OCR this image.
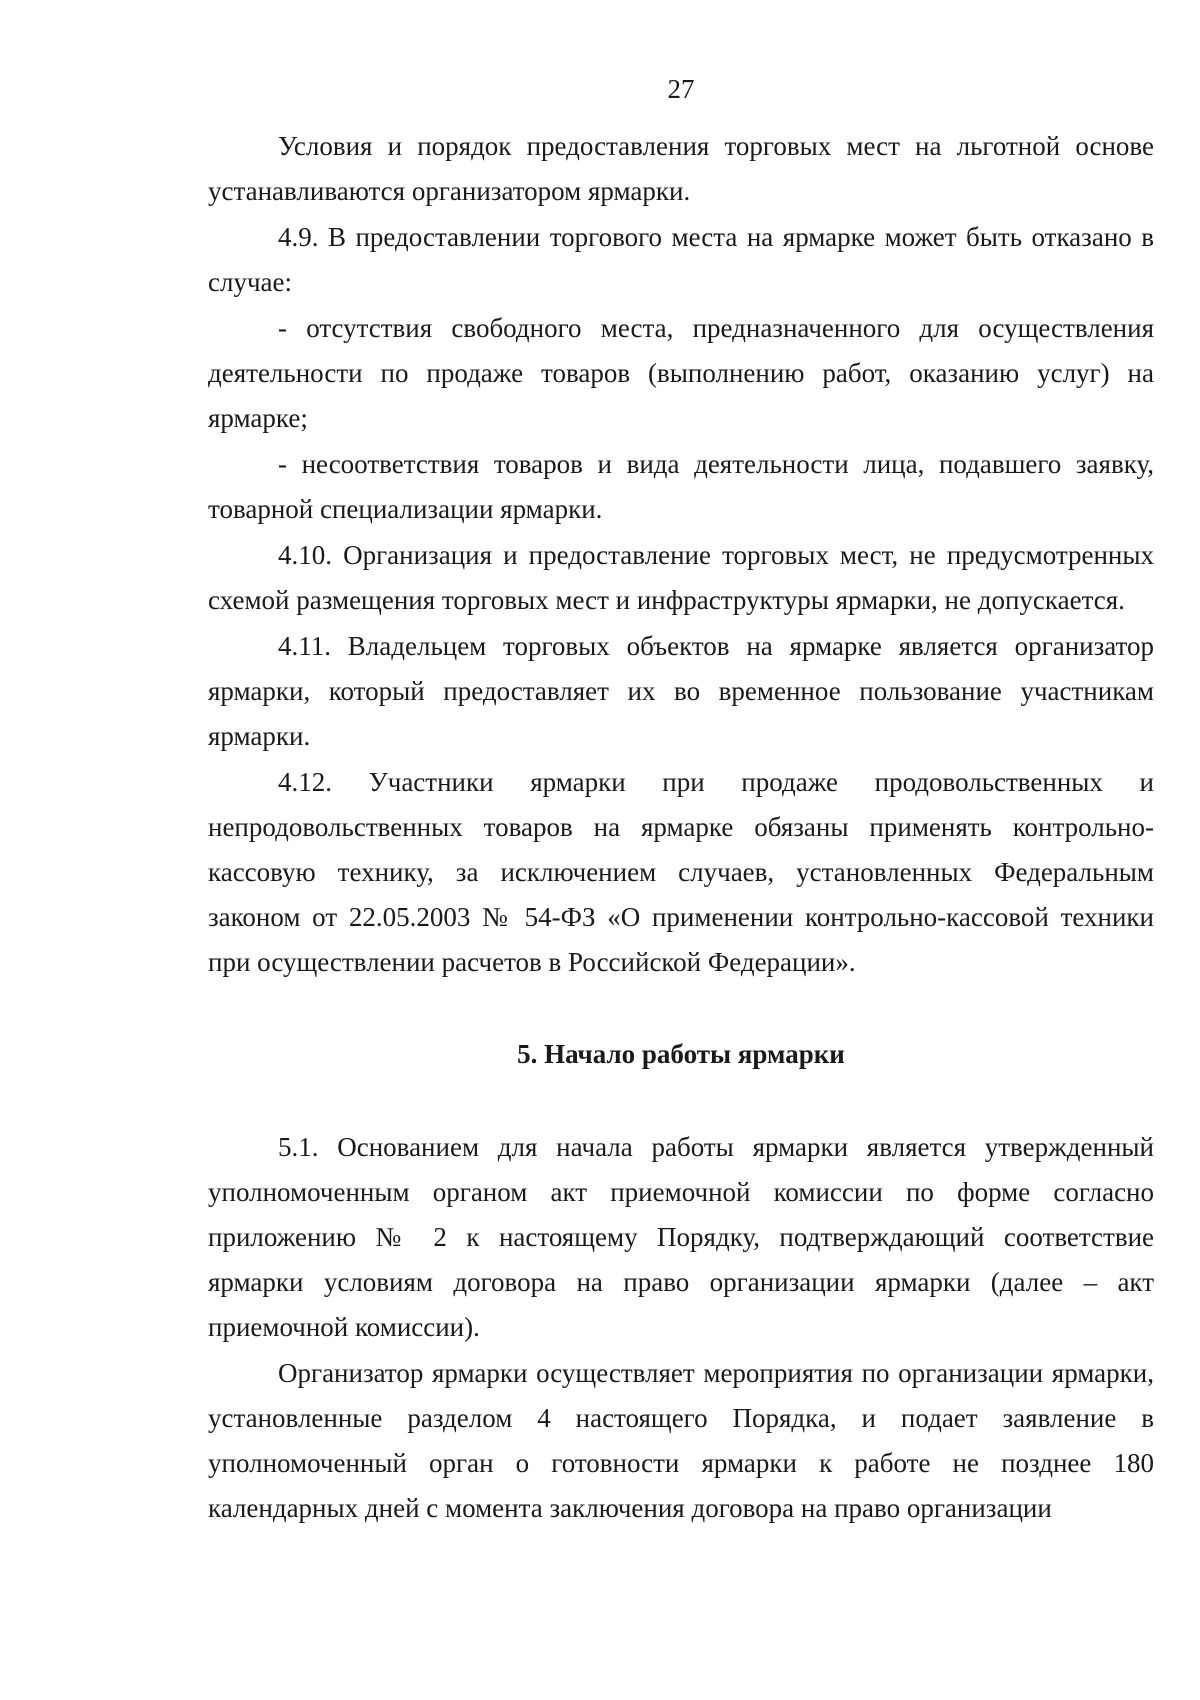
27

Условия и порядок предоставления торговых мест на льготной основе устанавливаются организатором ярмарки.

4.9. В предоставлении торгового места на ярмарке может быть отказано в случае:

- отсутствия свободного места, предназначенного для осуществления деятельности по продаже товаров (выполнению работ, оказанию услуг) на ярмарке;

- несоответствия товаров и вида деятельности лица, подавшего заявку, товарной специализации ярмарки.

4.10. Организация и предоставление торговых мест, не предусмотренных схемой размещения торговых мест и инфраструктуры ярмарки, не допускается.

4.11. Владельцем торговых объектов на ярмарке является организатор ярмарки, который предоставляет их во временное пользование участникам ярмарки.

4.12. Участники ярмарки при продаже продовольственных и непродовольственных товаров на ярмарке обязаны применять контрольно-кассовую технику, за исключением случаев, установленных Федеральным законом от 22.05.2003 № 54-ФЗ «О применении контрольно-кассовой техники при осуществлении расчетов в Российской Федерации».

5. Начало работы ярмарки

5.1. Основанием для начала работы ярмарки является утвержденный уполномоченным органом акт приемочной комиссии по форме согласно приложению № 2 к настоящему Порядку, подтверждающий соответствие ярмарки условиям договора на право организации ярмарки (далее – акт приемочной комиссии).

Организатор ярмарки осуществляет мероприятия по организации ярмарки, установленные разделом 4 настоящего Порядка, и подает заявление в уполномоченный орган о готовности ярмарки к работе не позднее 180 календарных дней с момента заключения договора на право организации
